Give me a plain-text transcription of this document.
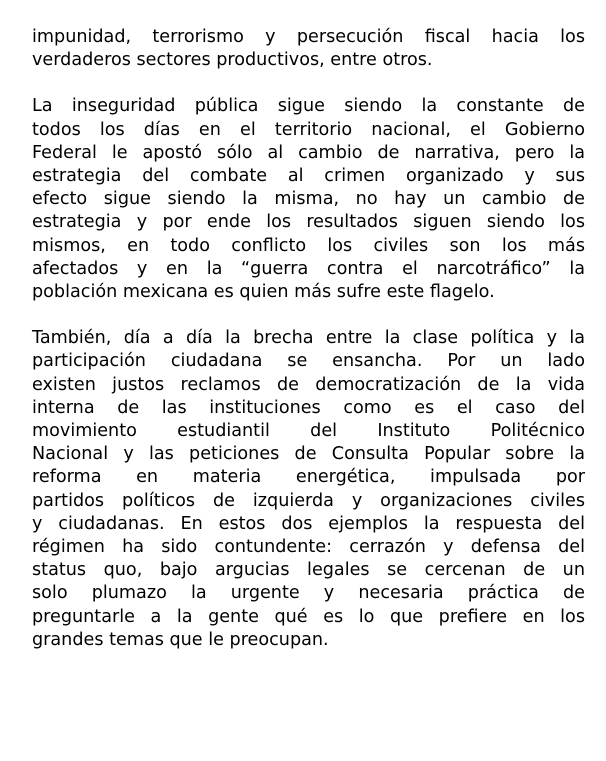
impunidad, terrorismo y persecución fiscal hacia los
verdaderos sectores productivos, entre otros.
La inseguridad pública sigue siendo la constante de
todos los días en el territorio nacional, el Gobierno
Federal le apostó sólo al cambio de narrativa, pero la
estrategia del combate al crimen organizado y sus
efecto sigue siendo la misma, no hay un cambio de
estrategia y por ende los resultados siguen siendo los
mismos, en todo conflicto los civiles son los más
afectados y en la “guerra contra el narcotráfico” la
población mexicana es quien más sufre este flagelo.
También, día a día la brecha entre la clase política y la
participación ciudadana se ensancha. Por un lado
existen justos reclamos de democratización de la vida
interna de las instituciones como es el caso del
movimiento estudiantil del Instituto Politécnico
Nacional y las peticiones de Consulta Popular sobre la
reforma en materia energética, impulsada por
partidos políticos de izquierda y organizaciones civiles
y ciudadanas. En estos dos ejemplos la respuesta del
régimen ha sido contundente: cerrazón y defensa del
status quo, bajo argucias legales se cercenan de un
solo plumazo la urgente y necesaria práctica de
preguntarle a la gente qué es lo que prefiere en los
grandes temas que le preocupan.
